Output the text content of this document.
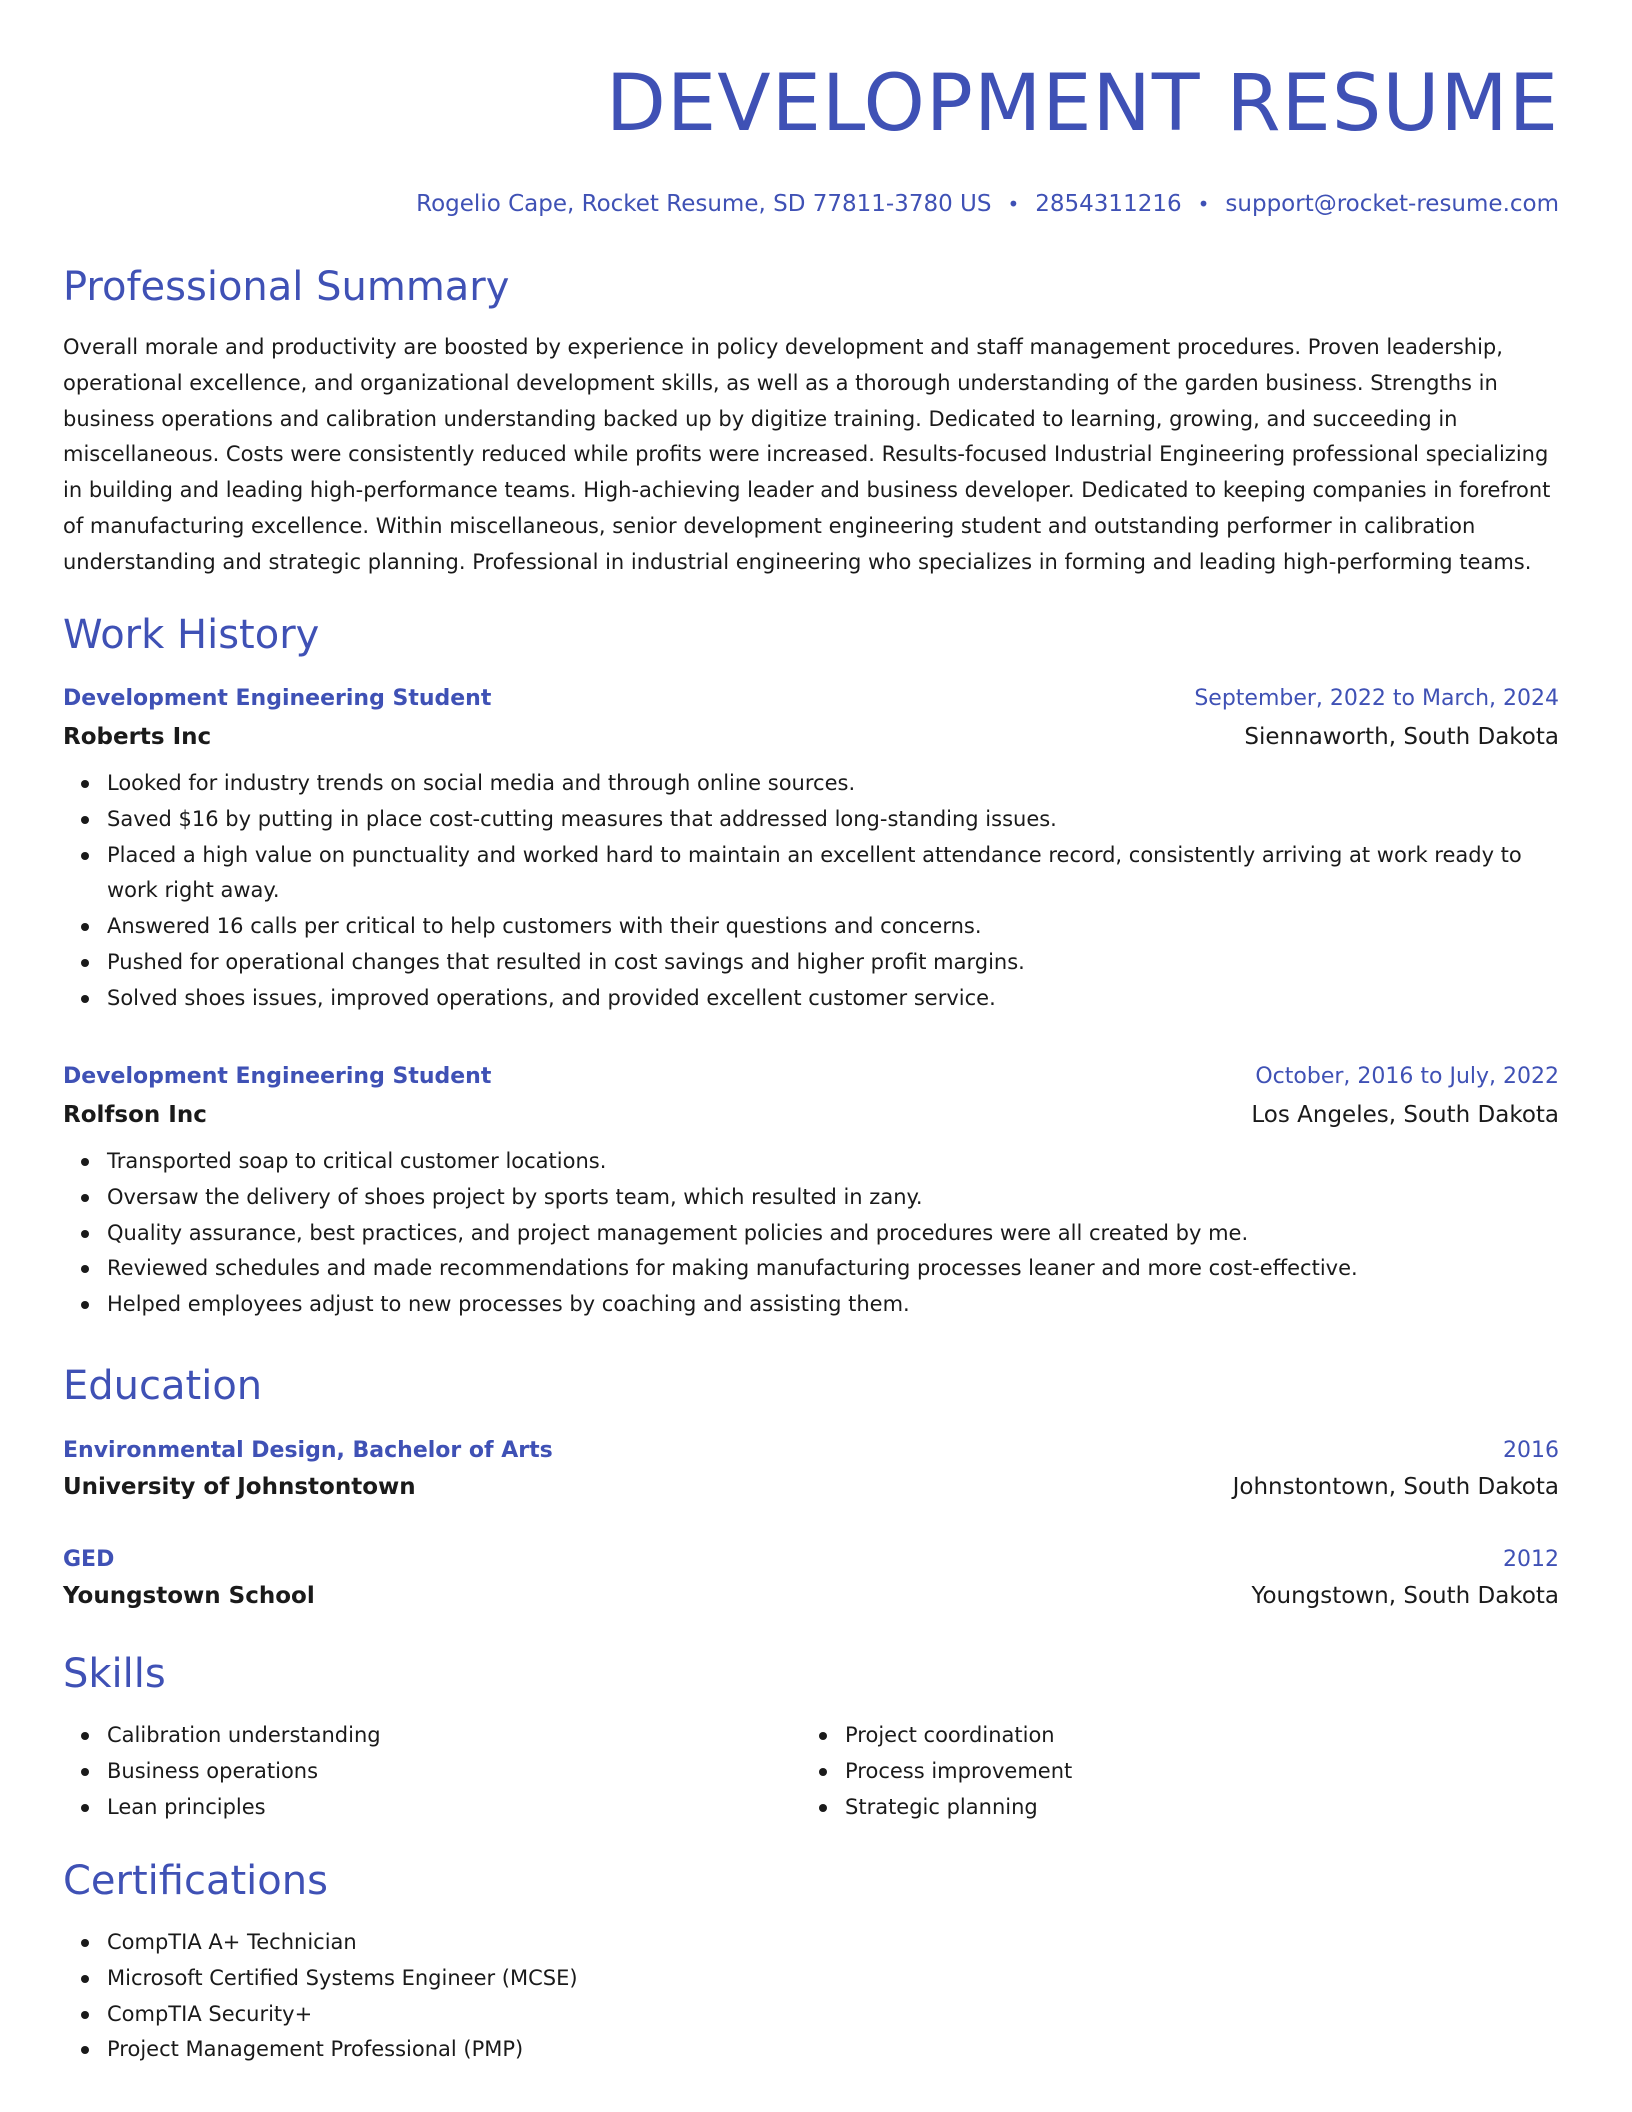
DEVELOPMENT RESUME
Rogelio Cape, Rocket Resume, SD 77811-3780 US • 2854311216 • support@rocket-resume.com
Professional Summary

Overall morale and productivity are boosted by experience in policy development and staff management procedures. Proven leadership, operational excellence, and organizational development skills, as well as a thorough understanding of the garden business. Strengths in business operations and calibration understanding backed up by digitize training. Dedicated to learning, growing, and succeeding in miscellaneous. Costs were consistently reduced while profits were increased. Results-focused Industrial Engineering professional specializing in building and leading high-performance teams. High-achieving leader and business developer. Dedicated to keeping companies in forefront of manufacturing excellence. Within miscellaneous, senior development engineering student and outstanding performer in calibration understanding and strategic planning. Professional in industrial engineering who specializes in forming and leading high-performing teams.

Work History
Development Engineering Student	September, 2022 to March, 2024
Roberts Inc	Siennaworth, South Dakota
Looked for industry trends on social media and through online sources.
Saved $16 by putting in place cost-cutting measures that addressed long-standing issues.
Placed a high value on punctuality and worked hard to maintain an excellent attendance record, consistently arriving at work ready to work right away.
Answered 16 calls per critical to help customers with their questions and concerns.
Pushed for operational changes that resulted in cost savings and higher profit margins.
Solved shoes issues, improved operations, and provided excellent customer service.
Development Engineering Student	October, 2016 to July, 2022
Rolfson Inc	Los Angeles, South Dakota
Transported soap to critical customer locations.
Oversaw the delivery of shoes project by sports team, which resulted in zany.
Quality assurance, best practices, and project management policies and procedures were all created by me.
Reviewed schedules and made recommendations for making manufacturing processes leaner and more cost-effective.
Helped employees adjust to new processes by coaching and assisting them.
Education
Environmental Design, Bachelor of Arts	2016
University of Johnstontown	Johnstontown, South Dakota
GED	2012
Youngstown School	Youngstown, South Dakota
Skills
Calibration understanding
Business operations
Lean principles
Project coordination
Process improvement
Strategic planning
Certifications
CompTIA A+ Technician
Microsoft Certified Systems Engineer (MCSE)
CompTIA Security+
Project Management Professional (PMP)
